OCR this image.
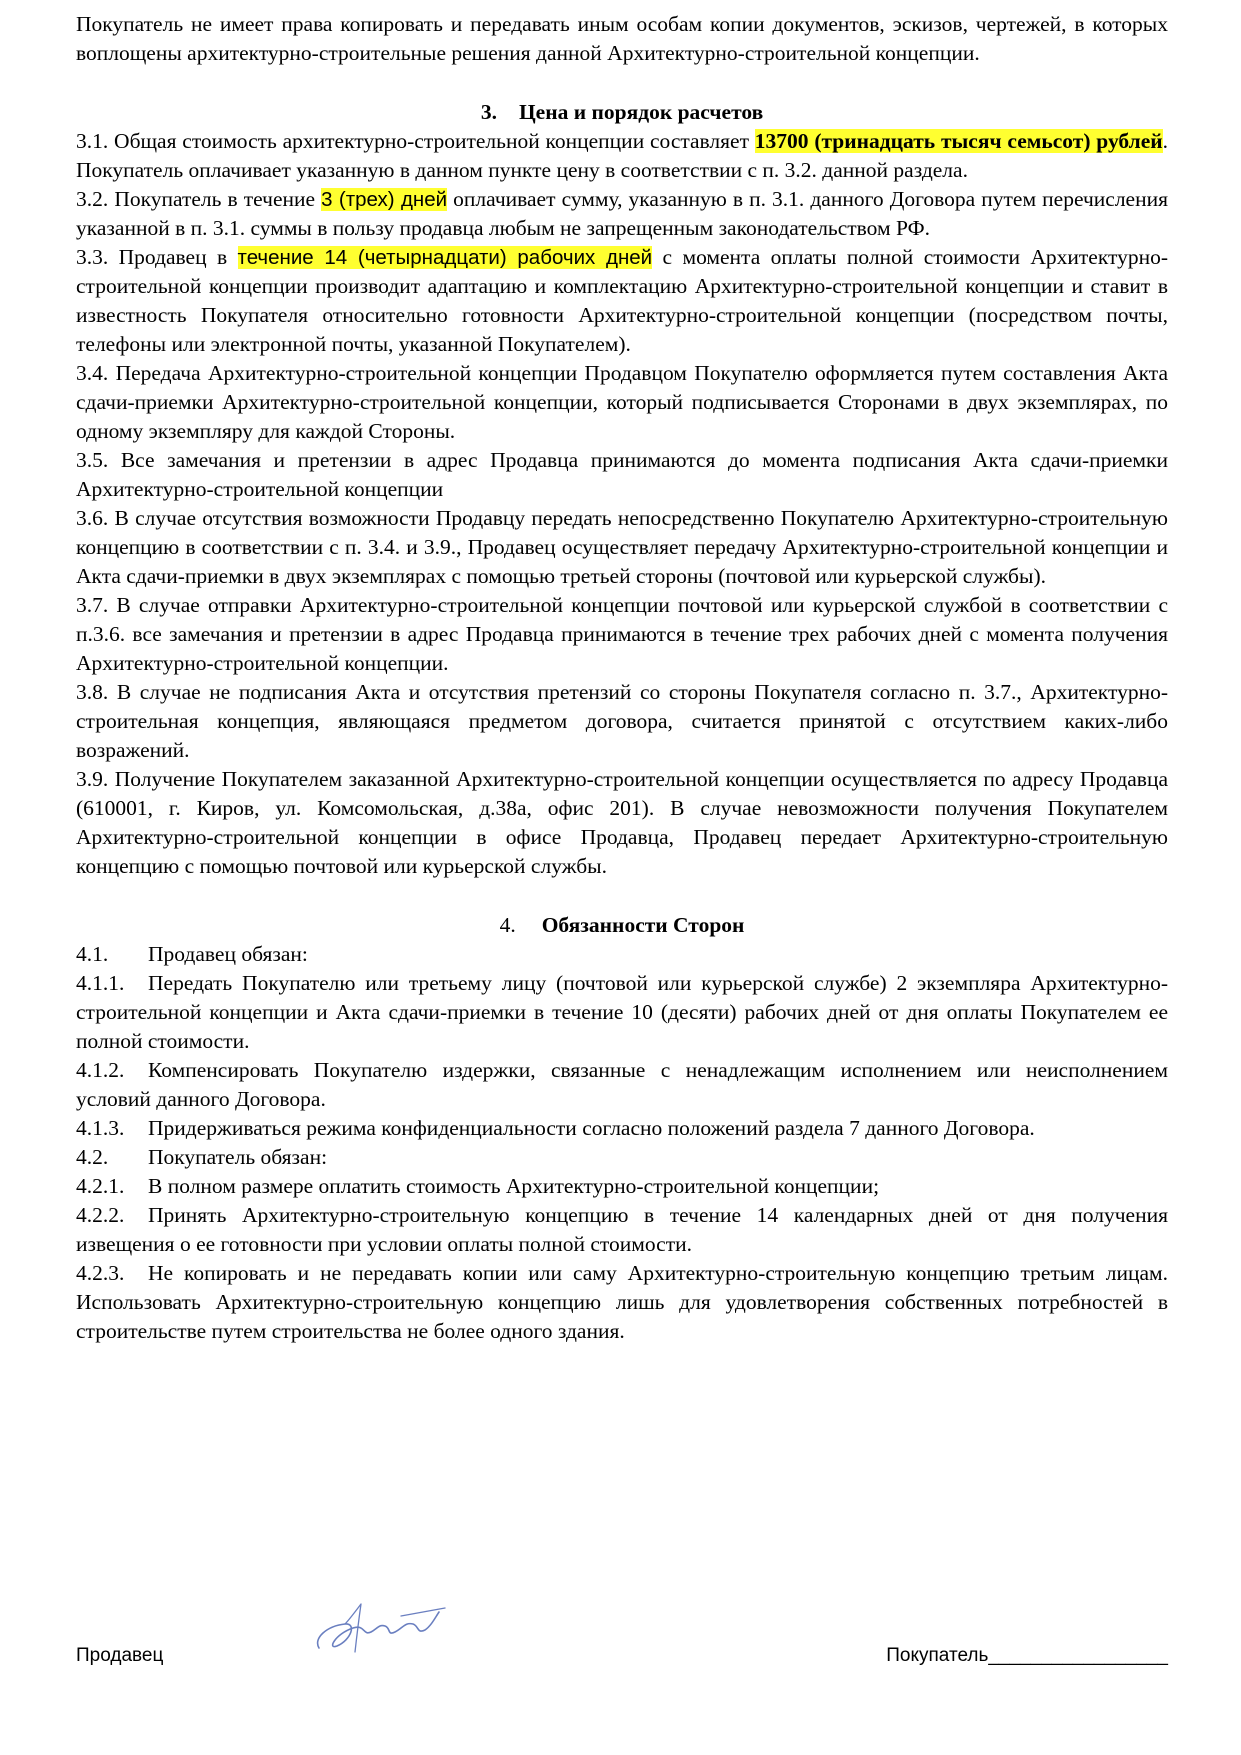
Покупатель не имеет права копировать и передавать иным особам копии документов, эскизов, чертежей, в которых воплощены архитектурно-строительные решения данной Архитектурно-строительной концепции.

3. Цена и порядок расчетов

3.1. Общая стоимость архитектурно-строительной концепции составляет 13700 (тринадцать тысяч семьсот) рублей. Покупатель оплачивает указанную в данном пункте цену в соответствии с п. 3.2. данной раздела.

3.2. Покупатель в течение 3 (трех) дней оплачивает сумму, указанную в п. 3.1. данного Договора путем перечисления указанной в п. 3.1. суммы в пользу продавца любым не запрещенным законодательством РФ.

3.3. Продавец в течение 14 (четырнадцати) рабочих дней с момента оплаты полной стоимости Архитектурно-строительной концепции производит адаптацию и комплектацию Архитектурно-строительной концепции и ставит в известность Покупателя относительно готовности Архитектурно-строительной концепции (посредством почты, телефоны или электронной почты, указанной Покупателем).

3.4. Передача Архитектурно-строительной концепции Продавцом Покупателю оформляется путем составления Акта сдачи-приемки Архитектурно-строительной концепции, который подписывается Сторонами в двух экземплярах, по одному экземпляру для каждой Стороны.

3.5. Все замечания и претензии в адрес Продавца принимаются до момента подписания Акта сдачи-приемки Архитектурно-строительной концепции

3.6. В случае отсутствия возможности Продавцу передать непосредственно Покупателю Архитектурно-строительную концепцию в соответствии с п. 3.4. и 3.9., Продавец осуществляет передачу Архитектурно-строительной концепции и Акта сдачи-приемки в двух экземплярах с помощью третьей стороны (почтовой или курьерской службы).

3.7. В случае отправки Архитектурно-строительной концепции почтовой или курьерской службой в соответствии с п.3.6. все замечания и претензии в адрес Продавца принимаются в течение трех рабочих дней с момента получения Архитектурно-строительной концепции.

3.8. В случае не подписания Акта и отсутствия претензий со стороны Покупателя согласно п. 3.7., Архитектурно-строительная концепция, являющаяся предметом договора, считается принятой с отсутствием каких-либо возражений.

3.9. Получение Покупателем заказанной Архитектурно-строительной концепции осуществляется по адресу Продавца (610001, г. Киров, ул. Комсомольская, д.38а, офис 201). В случае невозможности получения Покупателем Архитектурно-строительной концепции в офисе Продавца, Продавец передает Архитектурно-строительную концепцию с помощью почтовой или курьерской службы.

4. Обязанности Сторон

4.1. Продавец обязан:

4.1.1. Передать Покупателю или третьему лицу (почтовой или курьерской службе) 2 экземпляра Архитектурно-строительной концепции и Акта сдачи-приемки в течение 10 (десяти) рабочих дней от дня оплаты Покупателем ее полной стоимости.

4.1.2. Компенсировать Покупателю издержки, связанные с ненадлежащим исполнением или неисполнением условий данного Договора.

4.1.3. Придерживаться режима конфиденциальности согласно положений раздела 7 данного Договора.

4.2. Покупатель обязан:

4.2.1. В полном размере оплатить стоимость Архитектурно-строительной концепции;

4.2.2. Принять Архитектурно-строительную концепцию в течение 14 календарных дней от дня получения извещения о ее готовности при условии оплаты полной стоимости.

4.2.3. Не копировать и не передавать копии или саму Архитектурно-строительную концепцию третьим лицам. Использовать Архитектурно-строительную концепцию лишь для удовлетворения собственных потребностей в строительстве путем строительства не более одного здания.

Продавец	Покупатель_________________
